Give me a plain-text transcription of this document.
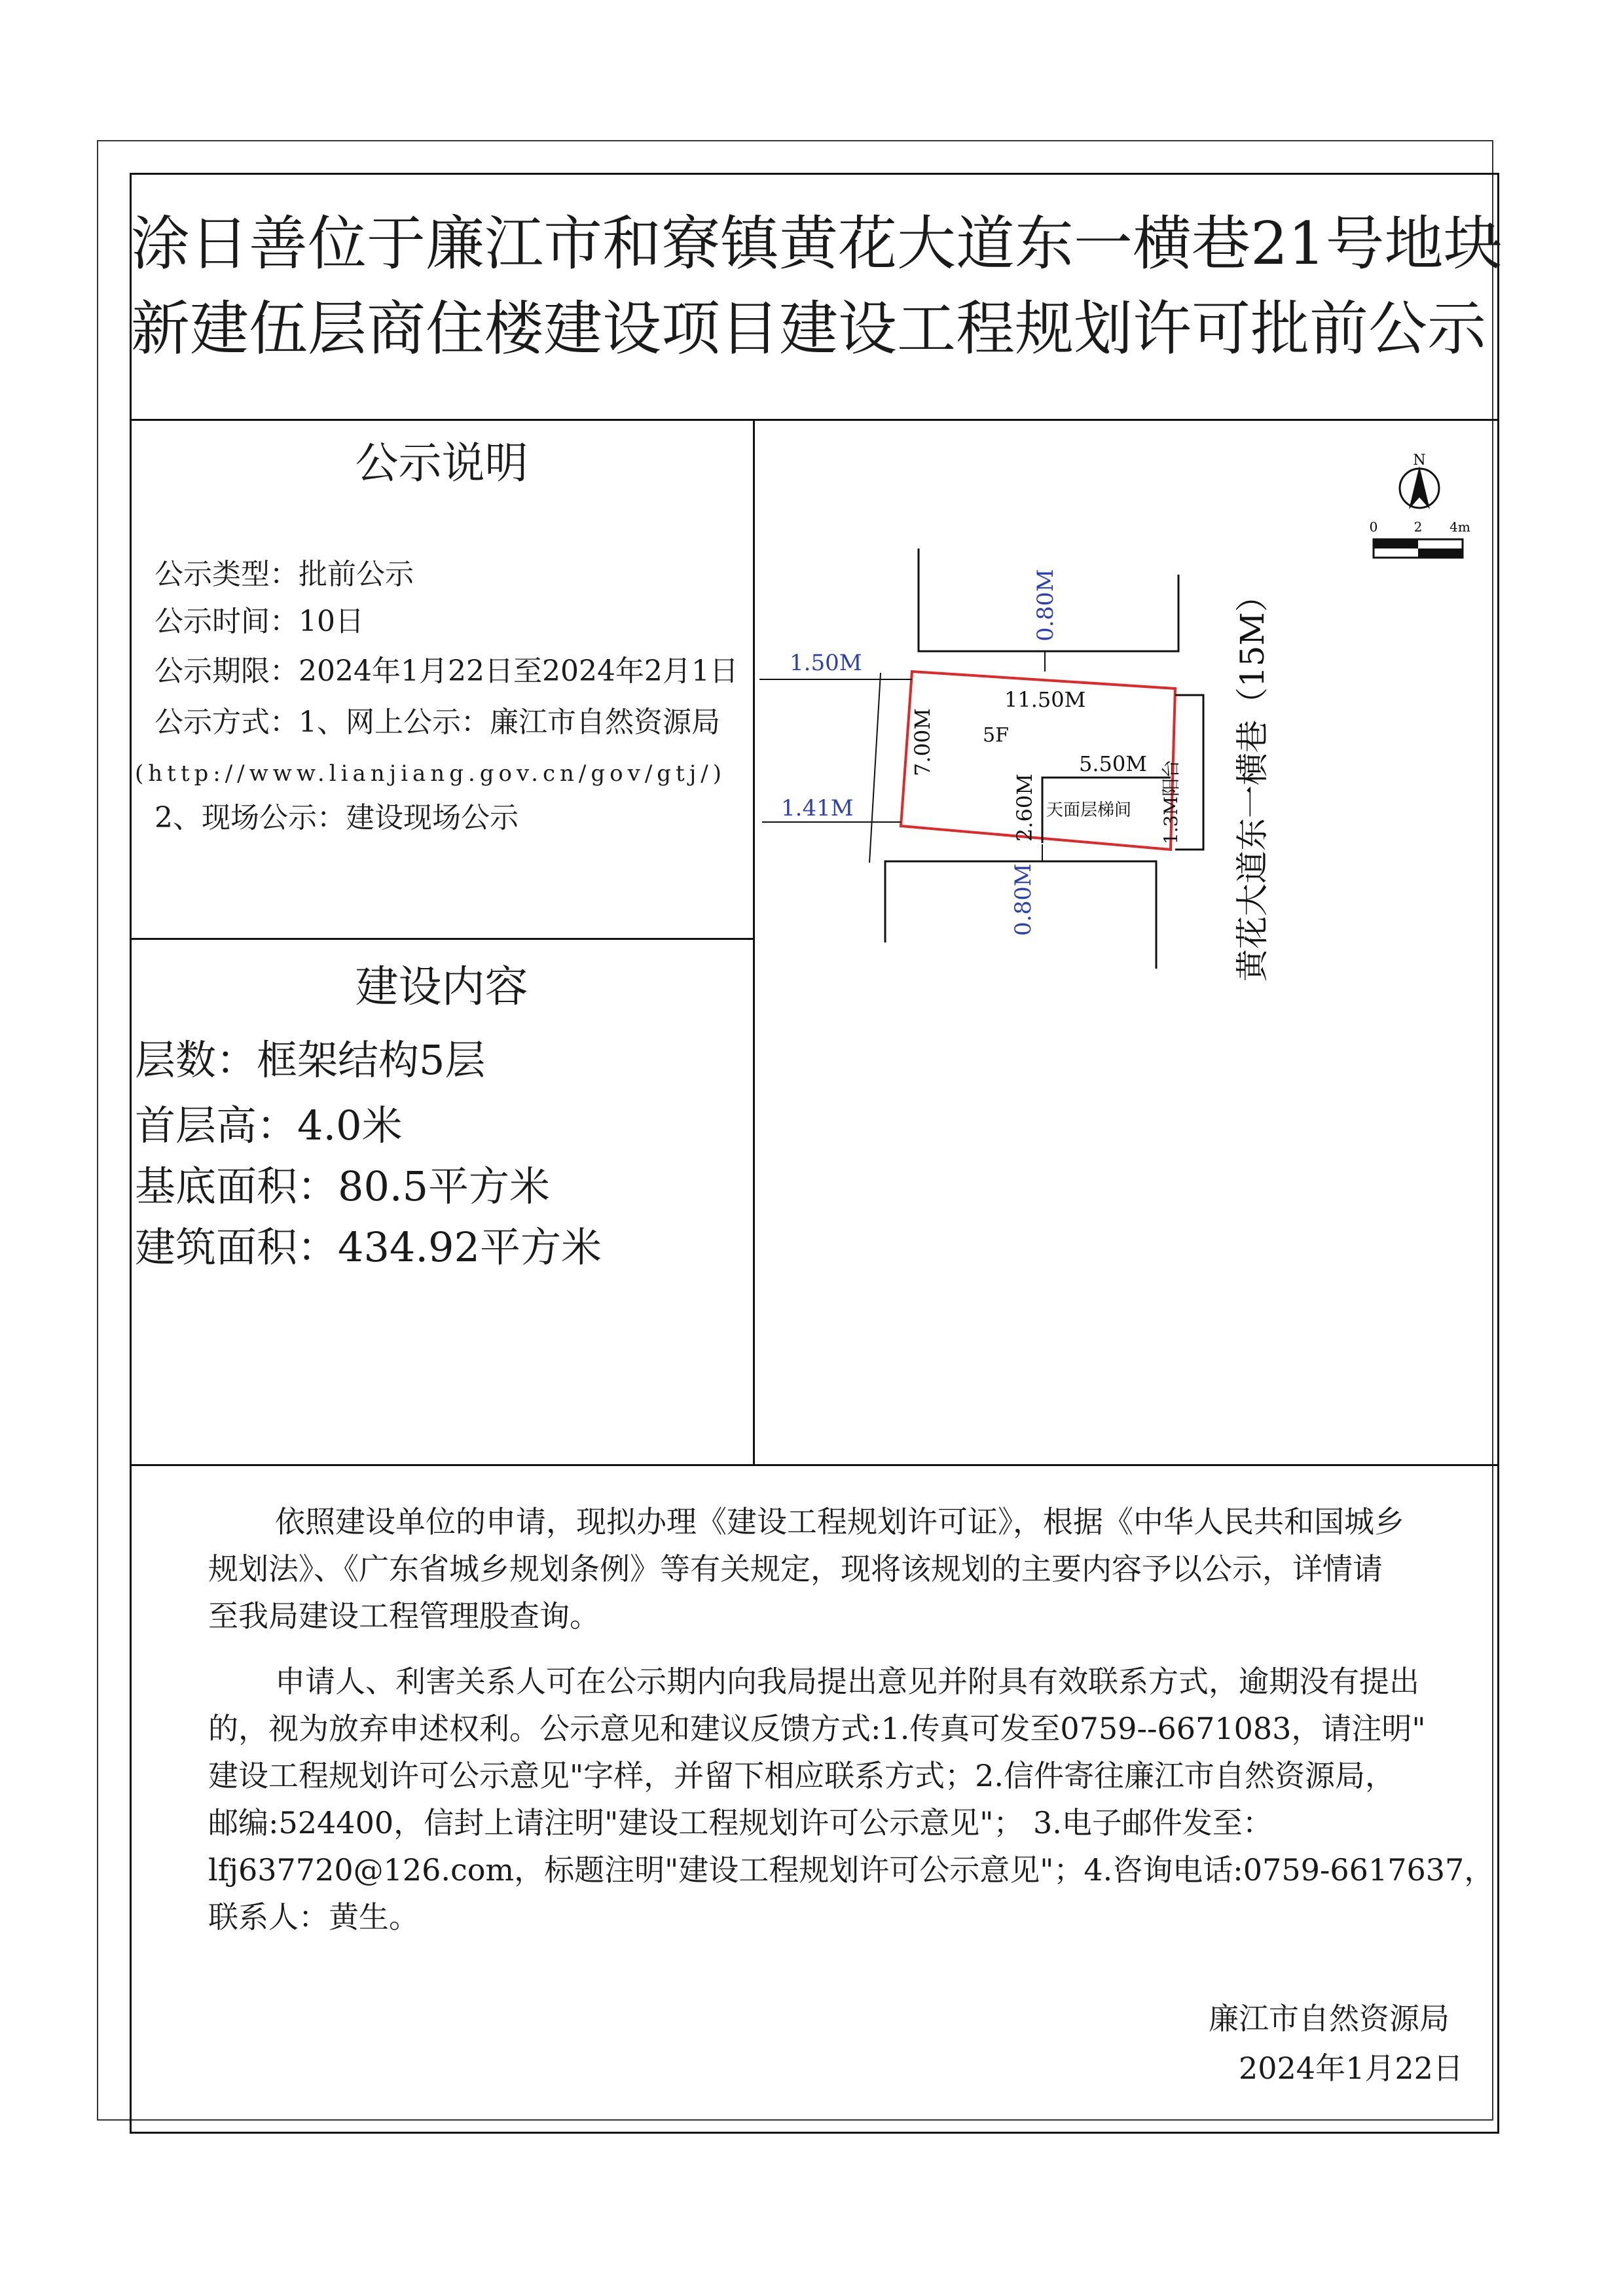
涂日善位于廉江市和寮镇黄花大道东一横巷21号地块
新建伍层商住楼建设项目建设工程规划许可批前公示
公示说明
公示类型：批前公示
公示时间：10日
公示期限：2024年1月22日至2024年2月1日
公示方式：1、网上公示：廉江市自然资源局
(http://www.lianjiang.gov.cn/gov/gtj/)
2、现场公示：建设现场公示
建设内容
层数：框架结构5层
首层高：4.0米
基底面积：80.5平方米
建筑面积：434.92平方米
N
0	2 4m
1.50M
1.41M
0.80M
0.80M
11.50M
7.00M 5F
5.50M
2.60M	1.3M阳台
天面层梯间	黄花大道东一横巷（15M）
依照建设单位的申请，现拟办理《建设工程规划许可证》，根据《中华人民共和国城乡
规划法》、《广东省城乡规划条例》等有关规定，现将该规划的主要内容予以公示，详情请
至我局建设工程管理股查询。
申请人、利害关系人可在公示期内向我局提出意见并附具有效联系方式，逾期没有提出
的，视为放弃申述权利。公示意见和建议反馈方式:1.传真可发至0759--6671083，请注明"
建设工程规划许可公示意见"字样，并留下相应联系方式；2.信件寄往廉江市自然资源局，
邮编:524400，信封上请注明"建设工程规划许可公示意见"； 3.电子邮件发至：
lfj637720@126.com，标题注明"建设工程规划许可公示意见"；4.咨询电话:0759-6617637，
联系人：黄生。
廉江市自然资源局
2024年1月22日
